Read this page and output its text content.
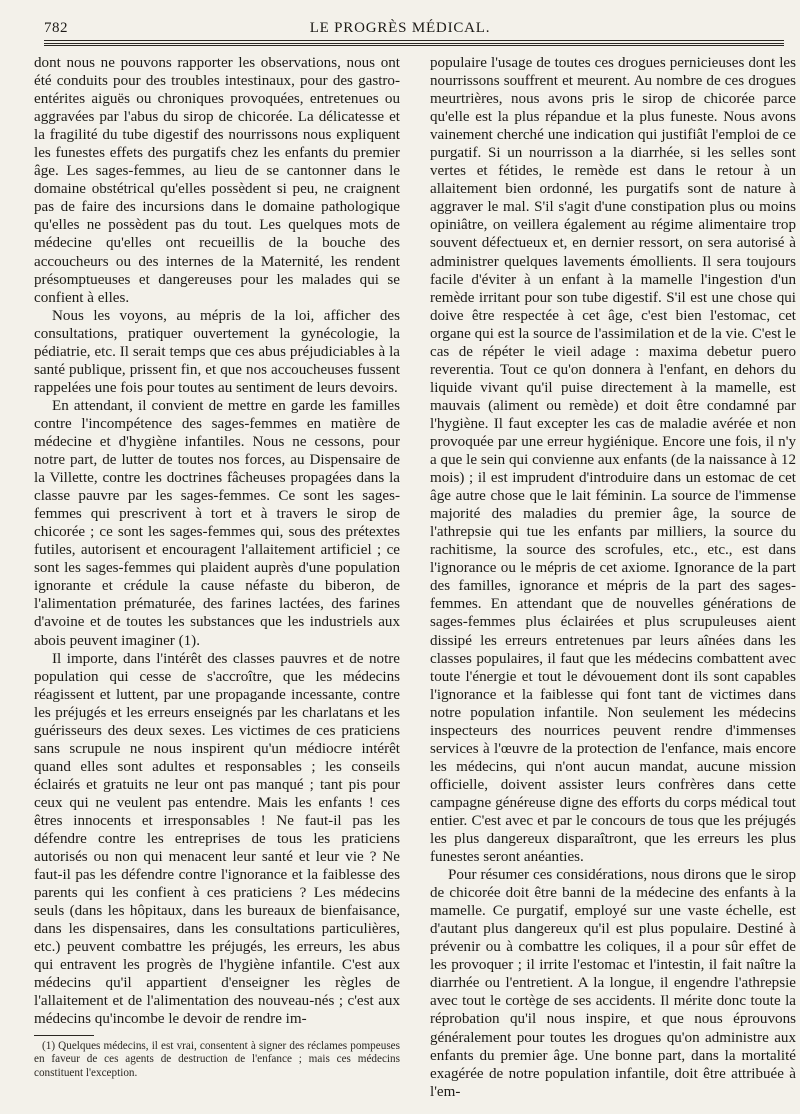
782	LE PROGRÈS MÉDICAL.

dont nous ne pouvons rapporter les observations, nous ont été conduits pour des troubles intestinaux, pour des gastro-entérites aiguës ou chroniques provoquées, entretenues ou aggravées par l'abus du sirop de chicorée. La délicatesse et la fragilité du tube digestif des nourrissons nous expliquent les funestes effets des purgatifs chez les enfants du premier âge. Les sages-femmes, au lieu de se cantonner dans le domaine obstétrical qu'elles possèdent si peu, ne craignent pas de faire des incursions dans le domaine pathologique qu'elles ne possèdent pas du tout. Les quelques mots de médecine qu'elles ont recueillis de la bouche des accoucheurs ou des internes de la Maternité, les rendent présomptueuses et dangereuses pour les malades qui se confient à elles.

Nous les voyons, au mépris de la loi, afficher des consultations, pratiquer ouvertement la gynécologie, la pédiatrie, etc. Il serait temps que ces abus préjudiciables à la santé publique, prissent fin, et que nos accoucheuses fussent rappelées une fois pour toutes au sentiment de leurs devoirs.

En attendant, il convient de mettre en garde les familles contre l'incompétence des sages-femmes en matière de médecine et d'hygiène infantiles. Nous ne cessons, pour notre part, de lutter de toutes nos forces, au Dispensaire de la Villette, contre les doctrines fâcheuses propagées dans la classe pauvre par les sages-femmes. Ce sont les sages-femmes qui prescrivent à tort et à travers le sirop de chicorée ; ce sont les sages-femmes qui, sous des prétextes futiles, autorisent et encouragent l'allaitement artificiel ; ce sont les sages-femmes qui plaident auprès d'une population ignorante et crédule la cause néfaste du biberon, de l'alimentation prématurée, des farines lactées, des farines d'avoine et de toutes les substances que les industriels aux abois peuvent imaginer (1).

Il importe, dans l'intérêt des classes pauvres et de notre population qui cesse de s'accroître, que les médecins réagissent et luttent, par une propagande incessante, contre les préjugés et les erreurs enseignés par les charlatans et les guérisseurs des deux sexes. Les victimes de ces praticiens sans scrupule ne nous inspirent qu'un médiocre intérêt quand elles sont adultes et responsables ; les conseils éclairés et gratuits ne leur ont pas manqué ; tant pis pour ceux qui ne veulent pas entendre. Mais les enfants ! ces êtres innocents et irresponsables ! Ne faut-il pas les défendre contre les entreprises de tous les praticiens autorisés ou non qui menacent leur santé et leur vie ? Ne faut-il pas les défendre contre l'ignorance et la faiblesse des parents qui les confient à ces praticiens ? Les médecins seuls (dans les hôpitaux, dans les bureaux de bienfaisance, dans les dispensaires, dans les consultations particulières, etc.) peuvent combattre les préjugés, les erreurs, les abus qui entravent les progrès de l'hygiène infantile. C'est aux médecins qu'il appartient d'enseigner les règles de l'allaitement et de l'alimentation des nouveau-nés ; c'est aux médecins qu'incombe le devoir de rendre im-

(1) Quelques médecins, il est vrai, consentent à signer des réclames pompeuses en faveur de ces agents de destruction de l'enfance ; mais ces médecins constituent l'exception.

populaire l'usage de toutes ces drogues pernicieuses dont les nourrissons souffrent et meurent. Au nombre de ces drogues meurtrières, nous avons pris le sirop de chicorée parce qu'elle est la plus répandue et la plus funeste. Nous avons vainement cherché une indication qui justifiât l'emploi de ce purgatif. Si un nourrisson a la diarrhée, si les selles sont vertes et fétides, le remède est dans le retour à un allaitement bien ordonné, les purgatifs sont de nature à aggraver le mal. S'il s'agit d'une constipation plus ou moins opiniâtre, on veillera également au régime alimentaire trop souvent défectueux et, en dernier ressort, on sera autorisé à administrer quelques lavements émollients. Il sera toujours facile d'éviter à un enfant à la mamelle l'ingestion d'un remède irritant pour son tube digestif. S'il est une chose qui doive être respectée à cet âge, c'est bien l'estomac, cet organe qui est la source de l'assimilation et de la vie. C'est le cas de répéter le vieil adage : maxima debetur puero reverentia. Tout ce qu'on donnera à l'enfant, en dehors du liquide vivant qu'il puise directement à la mamelle, est mauvais (aliment ou remède) et doit être condamné par l'hygiène. Il faut excepter les cas de maladie avérée et non provoquée par une erreur hygiénique. Encore une fois, il n'y a que le sein qui convienne aux enfants (de la naissance à 12 mois) ; il est imprudent d'introduire dans un estomac de cet âge autre chose que le lait féminin. La source de l'immense majorité des maladies du premier âge, la source de l'athrepsie qui tue les enfants par milliers, la source du rachitisme, la source des scrofules, etc., etc., est dans l'ignorance ou le mépris de cet axiome. Ignorance de la part des familles, ignorance et mépris de la part des sages-femmes. En attendant que de nouvelles générations de sages-femmes plus éclairées et plus scrupuleuses aient dissipé les erreurs entretenues par leurs aînées dans les classes populaires, il faut que les médecins combattent avec toute l'énergie et tout le dévouement dont ils sont capables l'ignorance et la faiblesse qui font tant de victimes dans notre population infantile. Non seulement les médecins inspecteurs des nourrices peuvent rendre d'immenses services à l'œuvre de la protection de l'enfance, mais encore les médecins, qui n'ont aucun mandat, aucune mission officielle, doivent assister leurs confrères dans cette campagne généreuse digne des efforts du corps médical tout entier. C'est avec et par le concours de tous que les préjugés les plus dangereux disparaîtront, que les erreurs les plus funestes seront anéanties.

Pour résumer ces considérations, nous dirons que le sirop de chicorée doit être banni de la médecine des enfants à la mamelle. Ce purgatif, employé sur une vaste échelle, est d'autant plus dangereux qu'il est plus populaire. Destiné à prévenir ou à combattre les coliques, il a pour sûr effet de les provoquer ; il irrite l'estomac et l'intestin, il fait naître la diarrhée ou l'entretient. A la longue, il engendre l'athrepsie avec tout le cortège de ses accidents. Il mérite donc toute la réprobation qu'il nous inspire, et que nous éprouvons généralement pour toutes les drogues qu'on administre aux enfants du premier âge. Une bonne part, dans la mortalité exagérée de notre population infantile, doit être attribuée à l'em-
